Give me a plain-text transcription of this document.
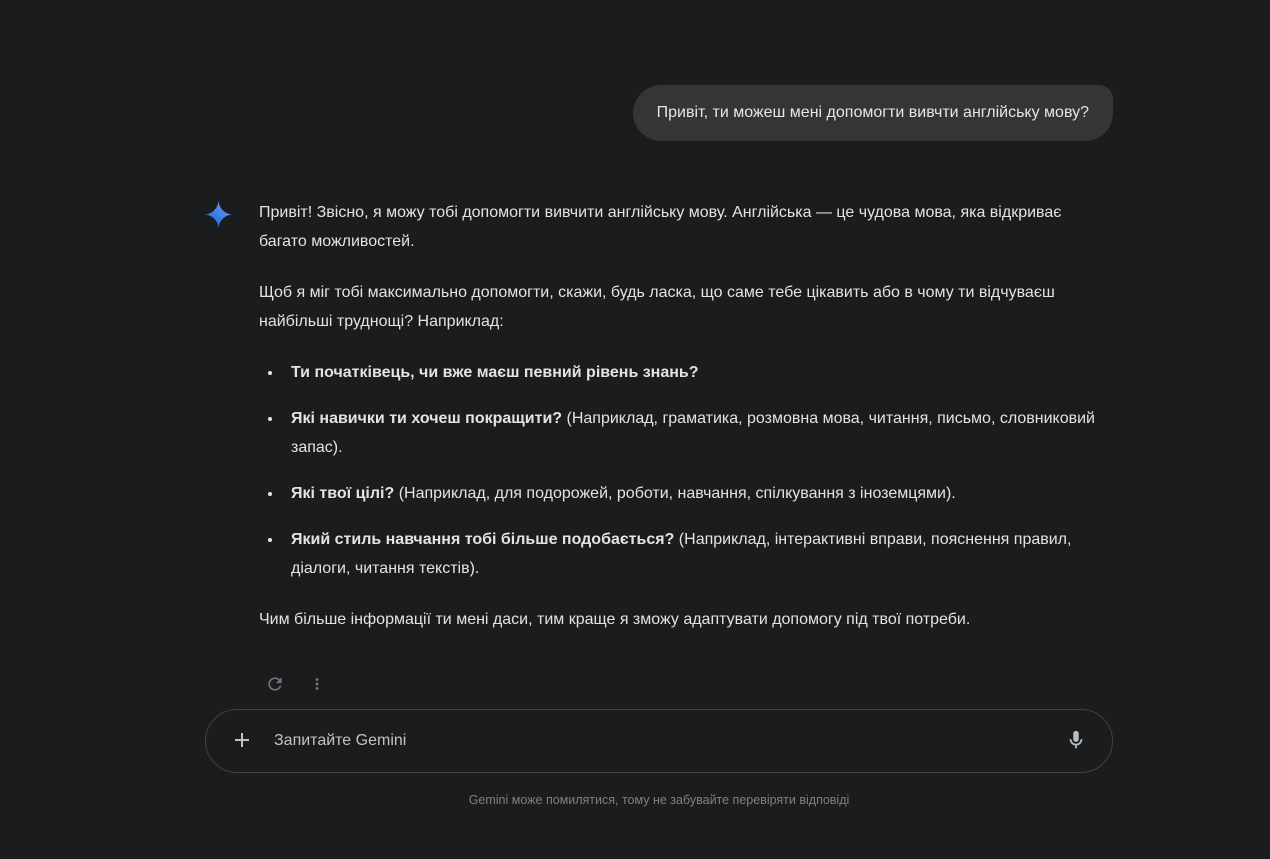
Привіт, ти можеш мені допомогти вивчти англійську мову?

Привіт! Звісно, я можу тобі допомогти вивчити англійську мову. Англійська — це чудова мова, яка відкриває багато можливостей.

Щоб я міг тобі максимально допомогти, скажи, будь ласка, що саме тебе цікавить або в чому ти відчуваєш найбільші труднощі? Наприклад:

• Ти початківець, чи вже маєш певний рівень знань?
• Які навички ти хочеш покращити? (Наприклад, граматика, розмовна мова, читання, письмо, словниковий запас).
• Які твої цілі? (Наприклад, для подорожей, роботи, навчання, спілкування з іноземцями).
• Який стиль навчання тобі більше подобається? (Наприклад, інтерактивні вправи, пояснення правил, діалоги, читання текстів).

Чим більше інформації ти мені даси, тим краще я зможу адаптувати допомогу під твої потреби.

Запитайте Gemini
Gemini може помилятися, тому не забувайте перевіряти відповіді
